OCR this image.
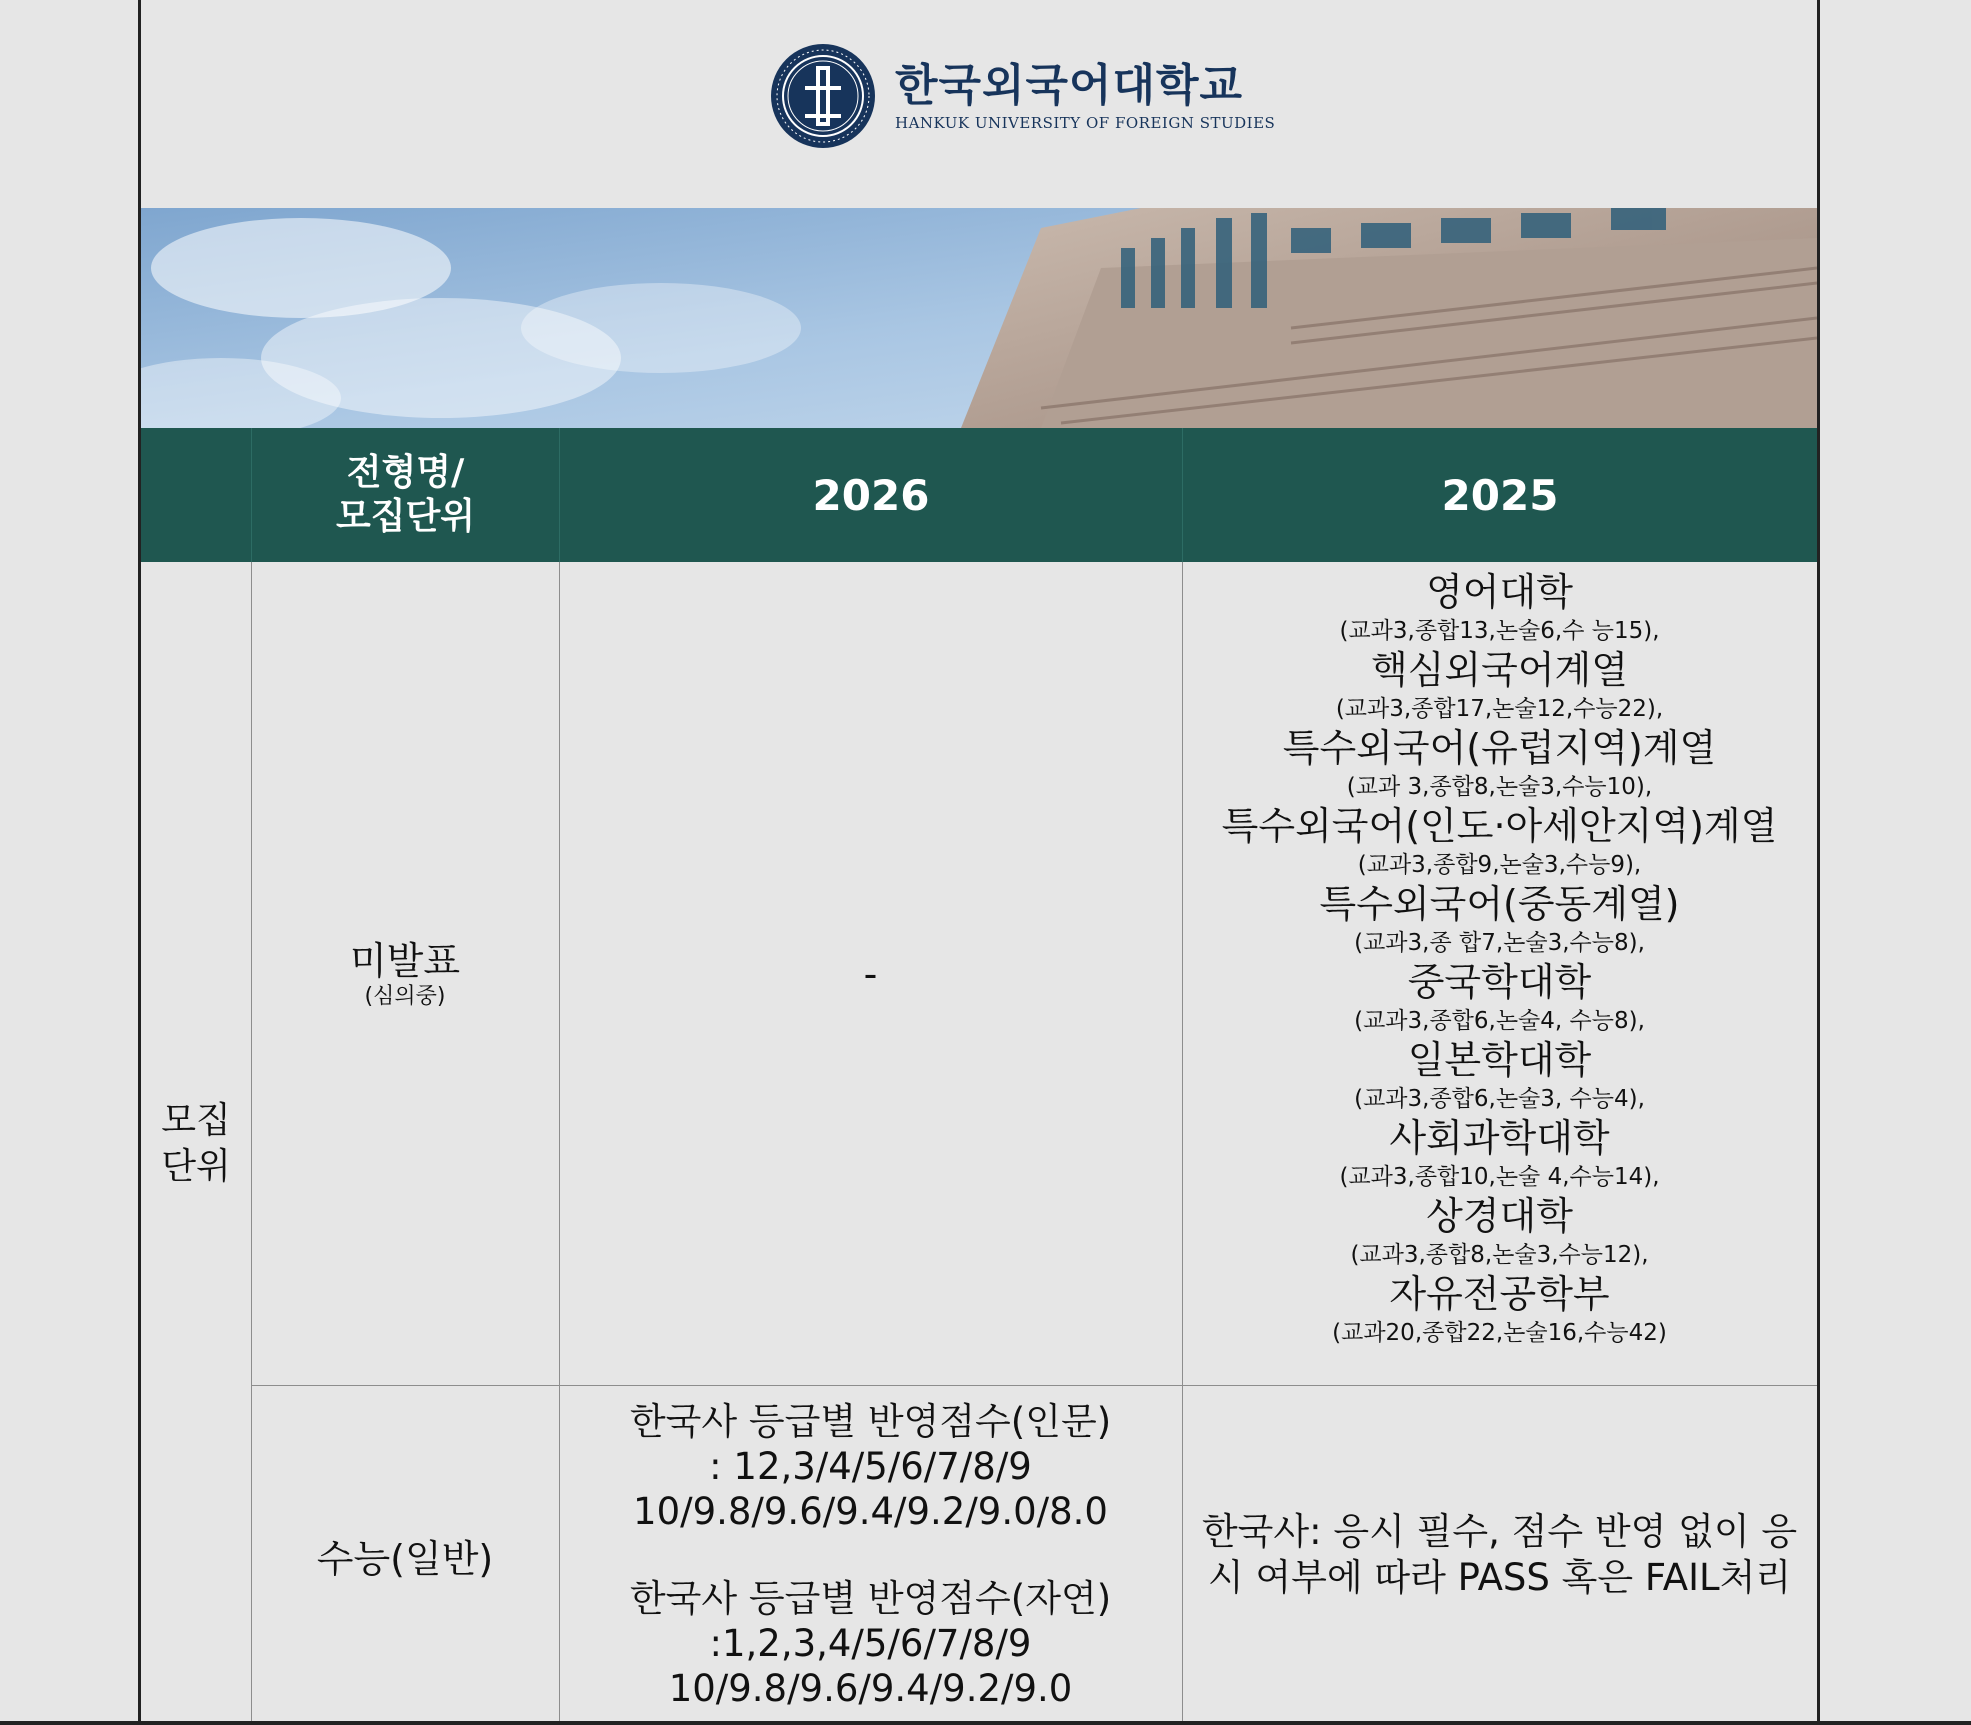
한국외국어대학교
HANKUK UNIVERSITY OF FOREIGN STUDIES
전형명/
모집단위	2026	2025
모집
단위
미발표
(심의중)
-
영어대학
(교과3,종합13,논술6,수 능15),
핵심외국어계열
(교과3,종합17,논술12,수능22),
특수외국어(유럽지역)계열
(교과 3,종합8,논술3,수능10),
특수외국어(인도·아세안지역)계열
(교과3,종합9,논술3,수능9),
특수외국어(중동계열)
(교과3,종 합7,논술3,수능8),
중국학대학
(교과3,종합6,논술4, 수능8),
일본학대학
(교과3,종합6,논술3, 수능4),
사회과학대학
(교과3,종합10,논술 4,수능14),
상경대학
(교과3,종합8,논술3,수능12),
자유전공학부
(교과20,종합22,논술16,수능42)
수능(일반)
한국사 등급별 반영점수(인문)
: 12,3/4/5/6/7/8/9
10/9.8/9.6/9.4/9.2/9.0/8.0
한국사 등급별 반영점수(자연)
:1,2,3,4/5/6/7/8/9
10/9.8/9.6/9.4/9.2/9.0
한국사: 응시 필수, 점수 반영 없이 응시 여부에 따라 PASS 혹은 FAIL처리
